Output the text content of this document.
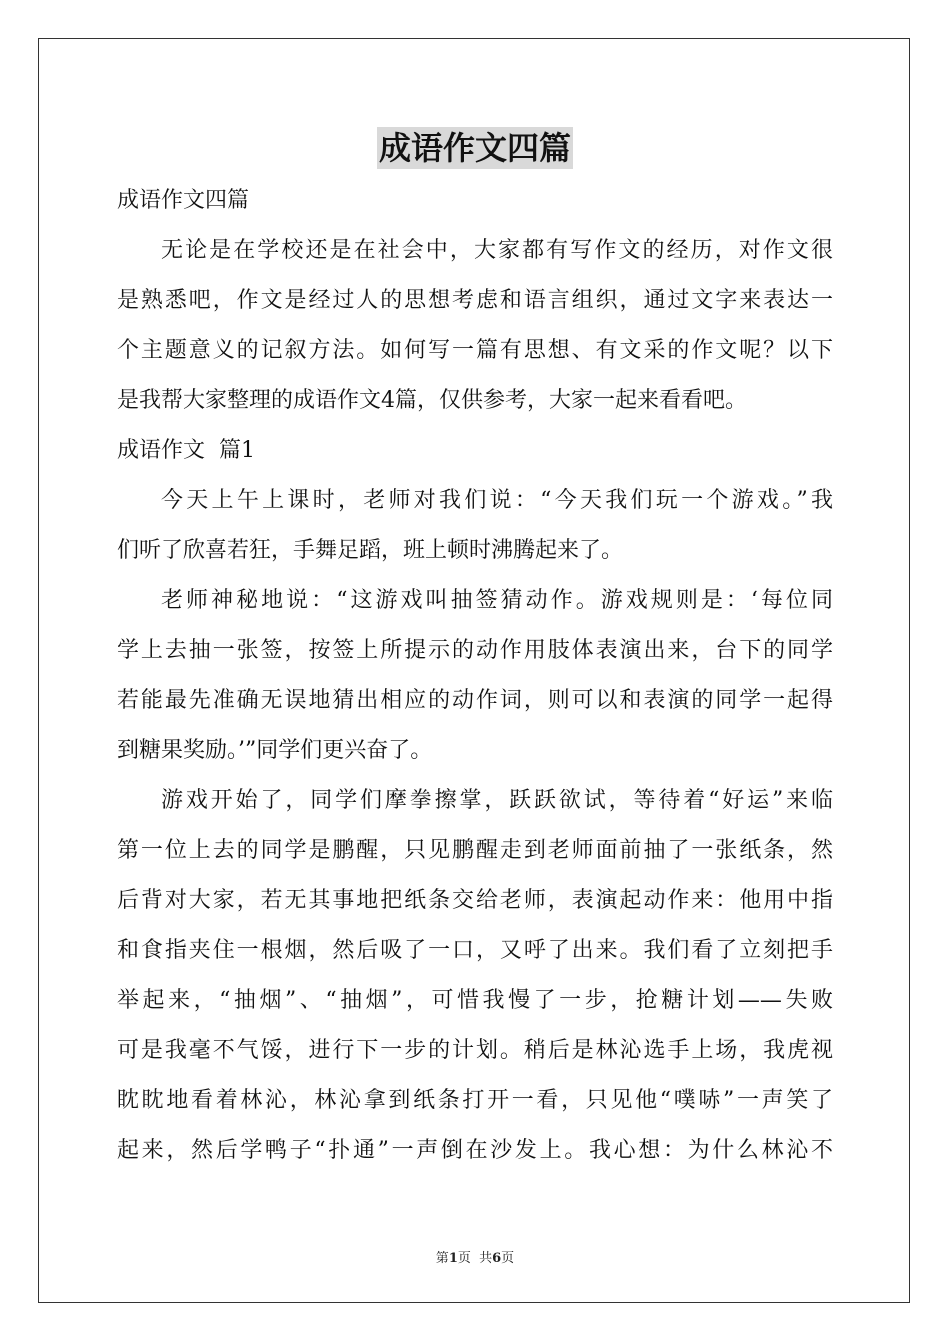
成语作文四篇
成语作文四篇
无论是在学校还是在社会中，大家都有写作文的经历，对作文很
是熟悉吧，作文是经过人的思想考虑和语言组织，通过文字来表达一
个主题意义的记叙方法。如何写一篇有思想、有文采的作文呢？以下
是我帮大家整理的成语作文4篇，仅供参考，大家一起来看看吧。
成语作文  篇1
今天上午上课时，老师对我们说：“今天我们玩一个游戏。”我
们听了欣喜若狂，手舞足蹈，班上顿时沸腾起来了。
老师神秘地说：“这游戏叫抽签猜动作。游戏规则是：‘每位同
学上去抽一张签，按签上所提示的动作用肢体表演出来，台下的同学
若能最先准确无误地猜出相应的动作词，则可以和表演的同学一起得
到糖果奖励。’”同学们更兴奋了。
游戏开始了，同学们摩拳擦掌，跃跃欲试，等待着“好运”来临
第一位上去的同学是鹏醒，只见鹏醒走到老师面前抽了一张纸条，然
后背对大家，若无其事地把纸条交给老师，表演起动作来：他用中指
和食指夹住一根烟，然后吸了一口，又呼了出来。我们看了立刻把手
举起来，“抽烟”、“抽烟”，可惜我慢了一步，抢糖计划——失败
可是我毫不气馁，进行下一步的计划。稍后是林沁选手上场，我虎视
眈眈地看着林沁，林沁拿到纸条打开一看，只见他“噗哧”一声笑了
起来，然后学鸭子“扑通”一声倒在沙发上。我心想：为什么林沁不
第1页  共6页
